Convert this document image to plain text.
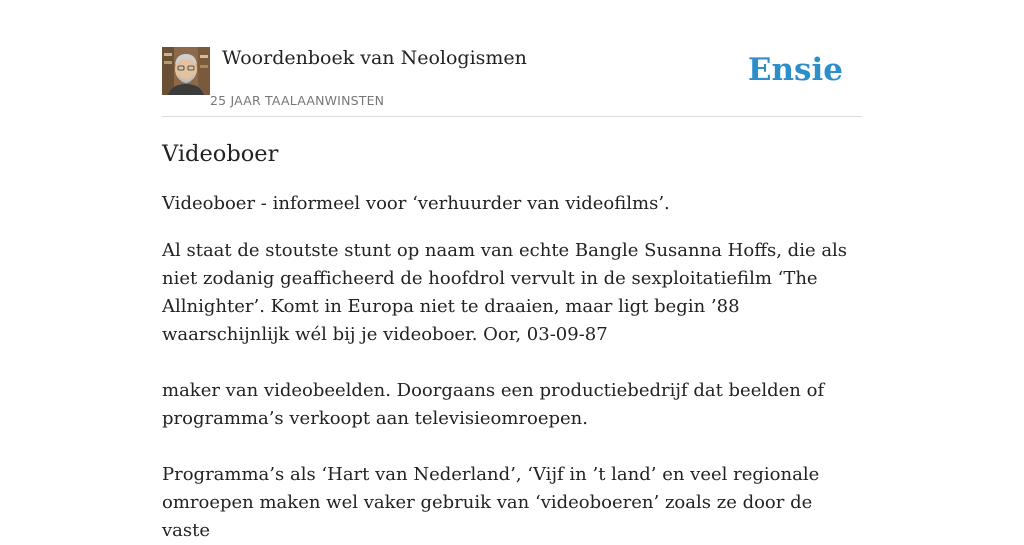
Woordenboek van Neologismen
25 JAAR TAALAANWINSTEN
Ensie
Videoboer

Videoboer - informeel voor ‘verhuurder van videofilms’.

Al staat de stoutste stunt op naam van echte Bangle Susanna Hoffs, die als niet zodanig geafficheerd de hoofdrol vervult in de sexploitatiefilm ‘The Allnighter’. Komt in Europa niet te draaien, maar ligt begin ’88 waarschijnlijk wél bij je videoboer. Oor, 03-09-87

maker van videobeelden. Doorgaans een productiebedrijf dat beelden of programma’s verkoopt aan televisieomroepen.

Programma’s als ‘Hart van Nederland’, ‘Vijf in ’t land’ en veel regionale omroepen maken wel vaker gebruik van ‘videoboeren’ zoals ze door de vaste
